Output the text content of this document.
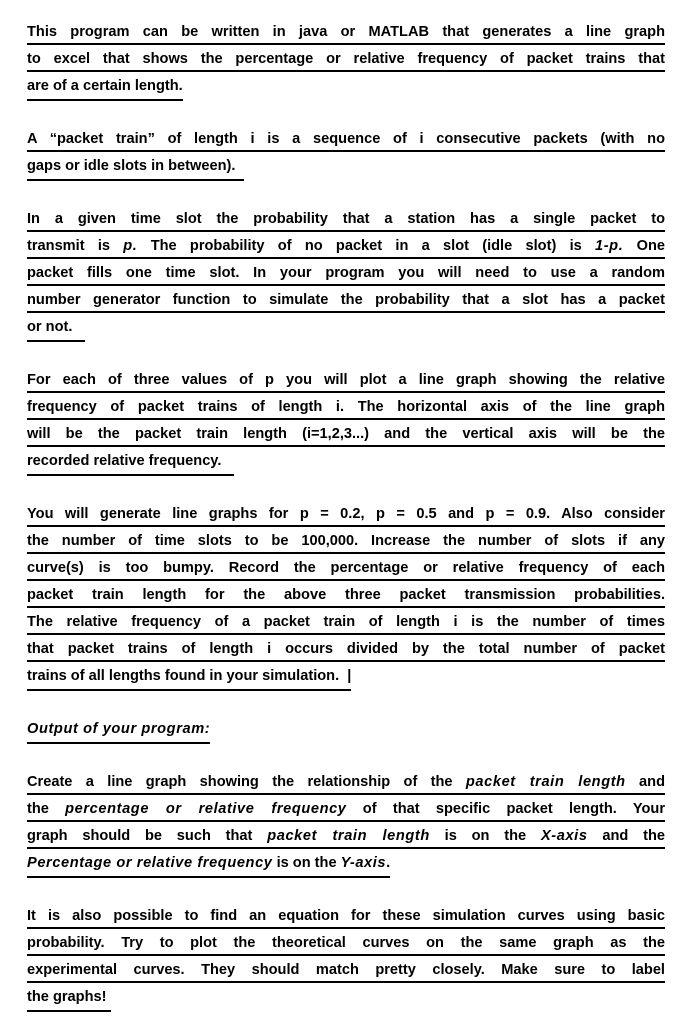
This program can be written in java or MATLAB that generates a line graph
to excel that shows the percentage or relative frequency of packet trains that
are of a certain length.
A “packet train” of length i is a sequence of i consecutive packets (with no
gaps or idle slots in between).
In a given time slot the probability that a station has a single packet to
transmit is p. The probability of no packet in a slot (idle slot) is 1-p. One
packet fills one time slot. In your program you will need to use a random
number generator function to simulate the probability that a slot has a packet
or not.
For each of three values of p you will plot a line graph showing the relative
frequency of packet trains of length i. The horizontal axis of the line graph
will be the packet train length (i=1,2,3...) and the vertical axis will be the
recorded relative frequency.
You will generate line graphs for p = 0.2, p = 0.5 and p = 0.9. Also consider
the number of time slots to be 100,000. Increase the number of slots if any
curve(s) is too bumpy. Record the percentage or relative frequency of each
packet train length for the above three packet transmission probabilities.
The relative frequency of a packet train of length i is the number of times
that packet trains of length i occurs divided by the total number of packet
trains of all lengths found in your simulation.  |
Output of your program:
Create a line graph showing the relationship of the packet train length and
the percentage or relative frequency of that specific packet length. Your
graph should be such that packet train length is on the X-axis and the
Percentage or relative frequency is on the Y-axis.
It is also possible to find an equation for these simulation curves using basic
probability. Try to plot the theoretical curves on the same graph as the
experimental curves. They should match pretty closely. Make sure to label
the graphs!
